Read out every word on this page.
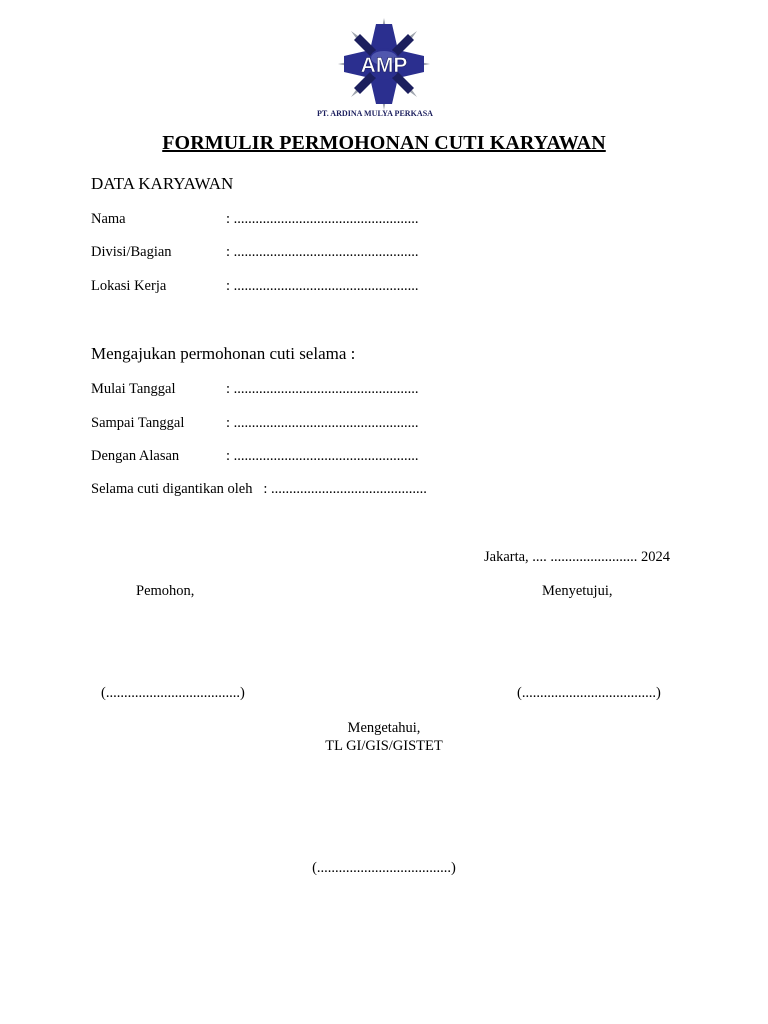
AMP
PT. ARDINA MULYA PERKASA
FORMULIR PERMOHONAN CUTI KARYAWAN
DATA KARYAWAN
Nama	: ...................................................
Divisi/Bagian	: ...................................................
Lokasi Kerja	: ...................................................
Mengajukan permohonan cuti selama :
Mulai Tanggal	: ...................................................
Sampai Tanggal	: ...................................................
Dengan Alasan	: ...................................................
Selama cuti digantikan oleh : ...........................................
Jakarta, .... ........................ 2024
Pemohon,	Menyetujui,
(.....................................)	(.....................................)
Mengetahui,
TL GI/GIS/GISTET
(.....................................)
